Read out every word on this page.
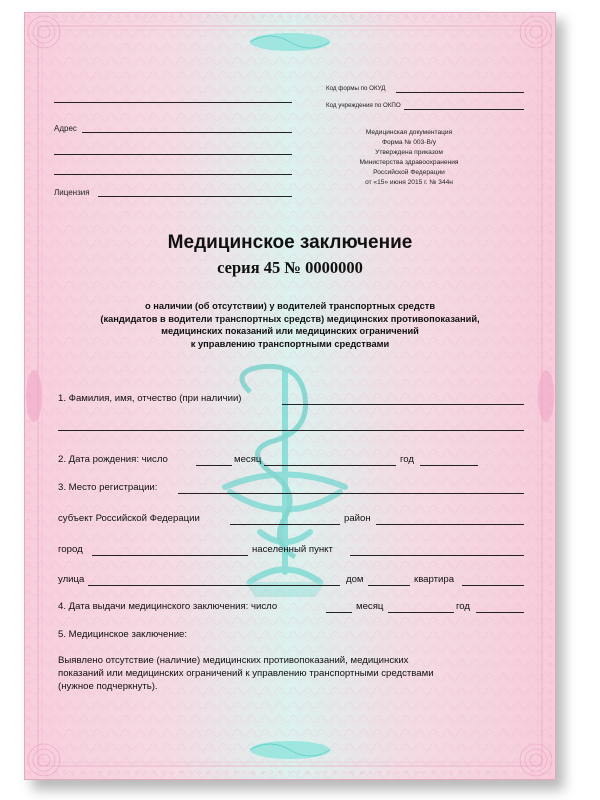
Код формы по ОКУД
Код учреждения по ОКПО
Медицинская документация
Форма № 003-В/у
Утверждена приказом
Министерства здравоохранения
Российской Федерации
от «15» июня 2015 г. № 344н
Адрес
Лицензия
Медицинское заключение
серия 45 № 0000000
о наличии (об отсутствии) у водителей транспортных средств
(кандидатов в водители транспортных средств) медицинских противопоказаний,
медицинских показаний или медицинских ограничений
к управлению транспортными средствами
1. Фамилия, имя, отчество (при наличии)
2. Дата рождения: число	месяц	год
3. Место регистрации:
субъект Российской Федерации	район
город	населенный пункт
улица	дом	квартира
4. Дата выдачи медицинского заключения: число	месяц	год
5. Медицинское заключение:
Выявлено отсутствие (наличие) медицинских противопоказаний, медицинских
показаний или медицинских ограничений к управлению транспортными средствами
(нужное подчеркнуть).
